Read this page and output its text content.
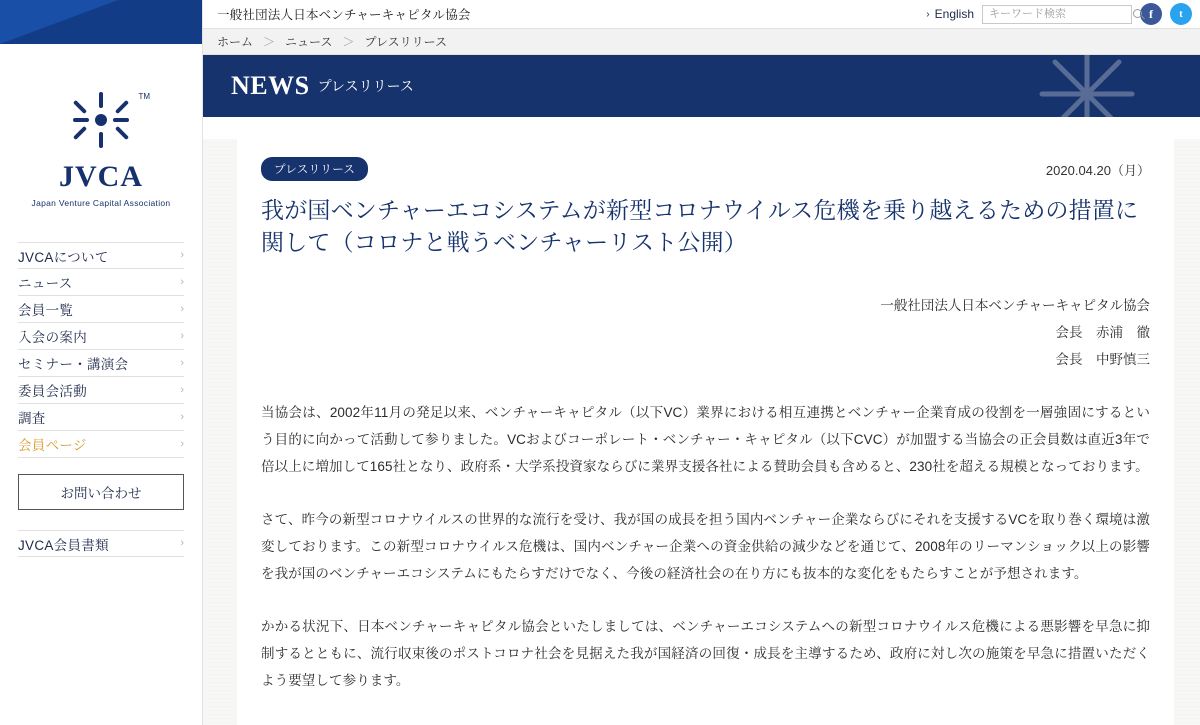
TM
JVCA
Japan Venture Capital Association
JVCAについて	›
ニュース	›
会員一覧	›
入会の案内	›
セミナー・講演会	›
委員会活動	›
調査	›
会員ページ	›
お問い合わせ
JVCA会員書類	›
一般社団法人日本ベンチャーキャピタル協会	› English
キーワード検索	f	t
ホーム ＞ ニュース ＞ プレスリリース
NEWS プレスリリース
プレスリリース	2020.04.20（月）
我が国ベンチャーエコシステムが新型コロナウイルス危機を乗り越えるための措置に関して（コロナと戦うベンチャーリスト公開）
一般社団法人日本ベンチャーキャピタル協会
会長　赤浦　徹
会長　中野慎三

当協会は、2002年11月の発足以来、ベンチャーキャピタル（以下VC）業界における相互連携とベンチャー企業育成の役割を一層強固にするという目的に向かって活動して参りました。VCおよびコーポレート・ベンチャー・キャピタル（以下CVC）が加盟する当協会の正会員数は直近3年で倍以上に増加して165社となり、政府系・大学系投資家ならびに業界支援各社による賛助会員も含めると、230社を超える規模となっております。

さて、昨今の新型コロナウイルスの世界的な流行を受け、我が国の成長を担う国内ベンチャー企業ならびにそれを支援するVCを取り巻く環境は激変しております。この新型コロナウイルス危機は、国内ベンチャー企業への資金供給の減少などを通じて、2008年のリーマンショック以上の影響を我が国のベンチャーエコシステムにもたらすだけでなく、今後の経済社会の在り方にも抜本的な変化をもたらすことが予想されます。

かかる状況下、日本ベンチャーキャピタル協会といたしましては、ベンチャーエコシステムへの新型コロナウイルス危機による悪影響を早急に抑制するとともに、流行収束後のポストコロナ社会を見据えた我が国経済の回復・成長を主導するため、政府に対し次の施策を早急に措置いただくよう要望して参ります。
